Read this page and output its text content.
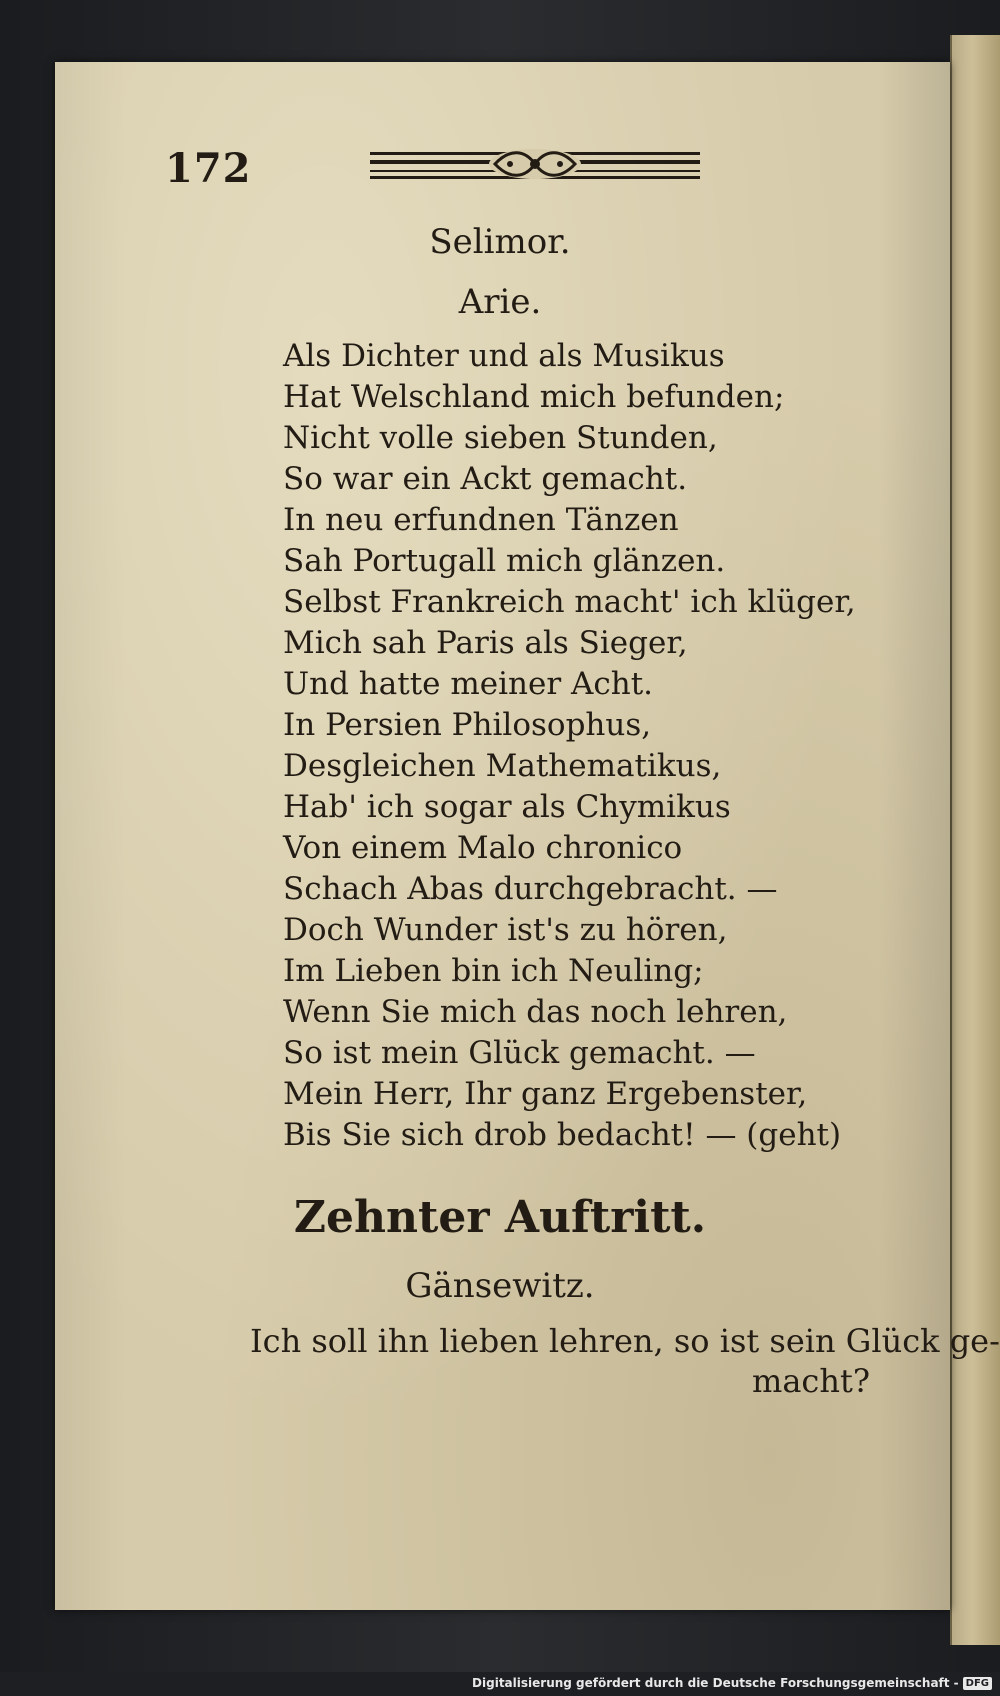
172
Selimor.
Arie.
Als Dichter und als Musikus
Hat Welschland mich befunden;
Nicht volle sieben Stunden,
So war ein Ackt gemacht.
In neu erfundnen Tänzen
Sah Portugall mich glänzen.
Selbst Frankreich macht' ich klüger,
Mich sah Paris als Sieger,
Und hatte meiner Acht.
In Persien Philosophus,
Desgleichen Mathematikus,
Hab' ich sogar als Chymikus
Von einem Malo chronico
Schach Abas durchgebracht. —
Doch Wunder ist's zu hören,
Im Lieben bin ich Neuling;
Wenn Sie mich das noch lehren,
So ist mein Glück gemacht. —
Mein Herr, Ihr ganz Ergebenster,
Bis Sie sich drob bedacht! — (geht)
Zehnter Auftritt.
Gänsewitz.
Ich soll ihn lieben lehren, so ist sein Glück ge-
macht?
Digitalisierung gefördert durch die Deutsche Forschungsgemeinschaft - DFG
